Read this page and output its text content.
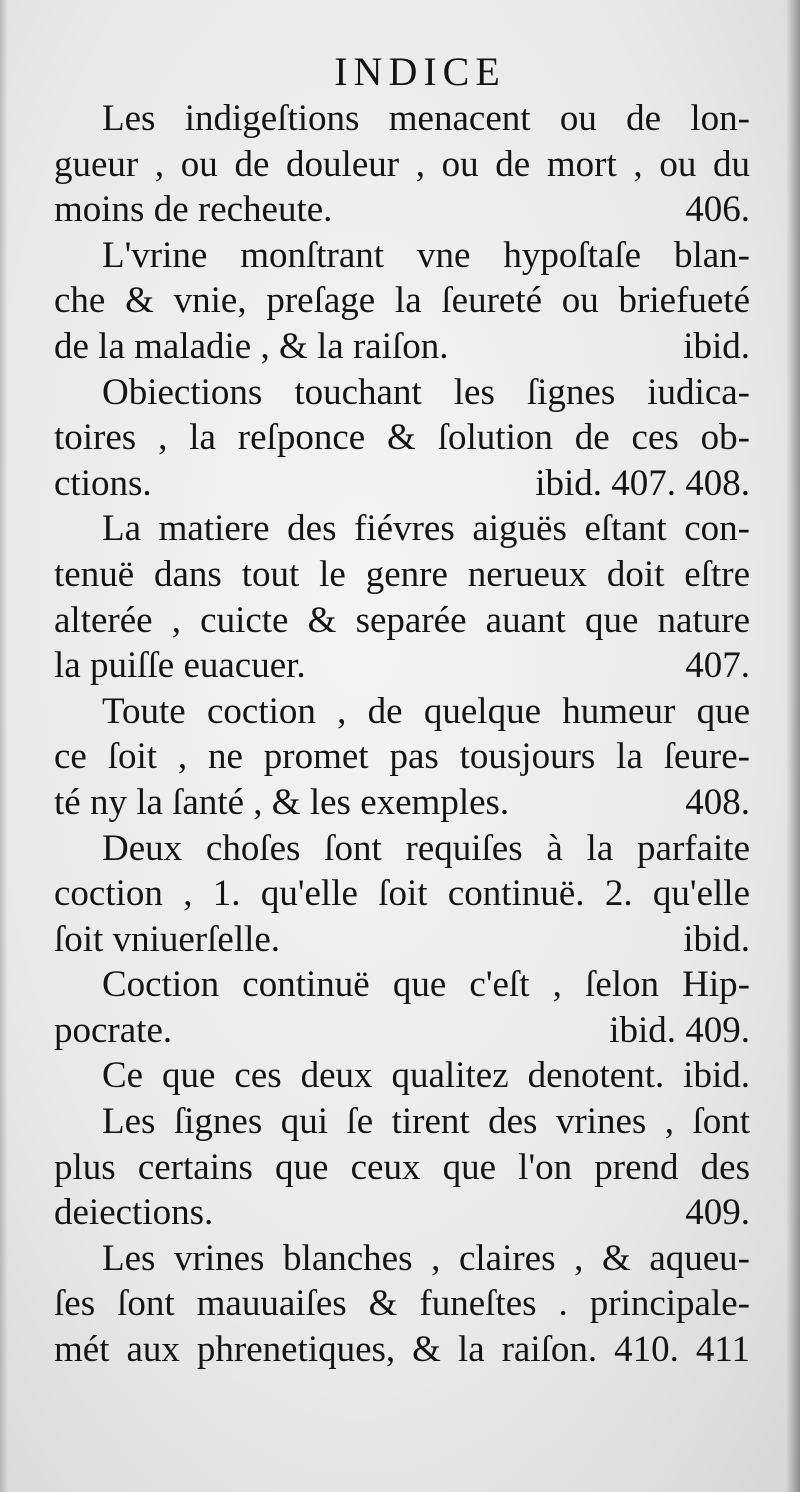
INDICE
Les indigeſtions menacent ou de lon-
gueur , ou de douleur , ou de mort , ou du
moins de recheute.	406.
L'vrine monſtrant vne hypoſtaſe blan-
che & vnie, preſage la ſeureté ou briefueté
de la maladie , & la raiſon.	ibid.
Obiections touchant les ſignes iudica-
toires , la reſponce & ſolution de ces ob-
ctions.	ibid. 407. 408.
La matiere des fiévres aiguës eſtant con-
tenuë dans tout le genre nerueux doit eſtre
alterée , cuicte & separée auant que nature
la puiſſe euacuer.	407.
Toute coction , de quelque humeur que
ce ſoit , ne promet pas tousjours la ſeure-
té ny la ſanté , & les exemples.	408.
Deux choſes ſont requiſes à la parfaite
coction , 1. qu'elle ſoit continuë. 2. qu'elle
ſoit vniuerſelle.	ibid.
Coction continuë que c'eſt , ſelon Hip-
pocrate.	ibid. 409.
Ce que ces deux qualitez denotent. ibid.
Les ſignes qui ſe tirent des vrines , ſont
plus certains que ceux que l'on prend des
deiections.	409.
Les vrines blanches , claires , & aqueu-
ſes ſont mauuaiſes & funeſtes . principale-
mét aux phrenetiques, & la raiſon. 410. 411
